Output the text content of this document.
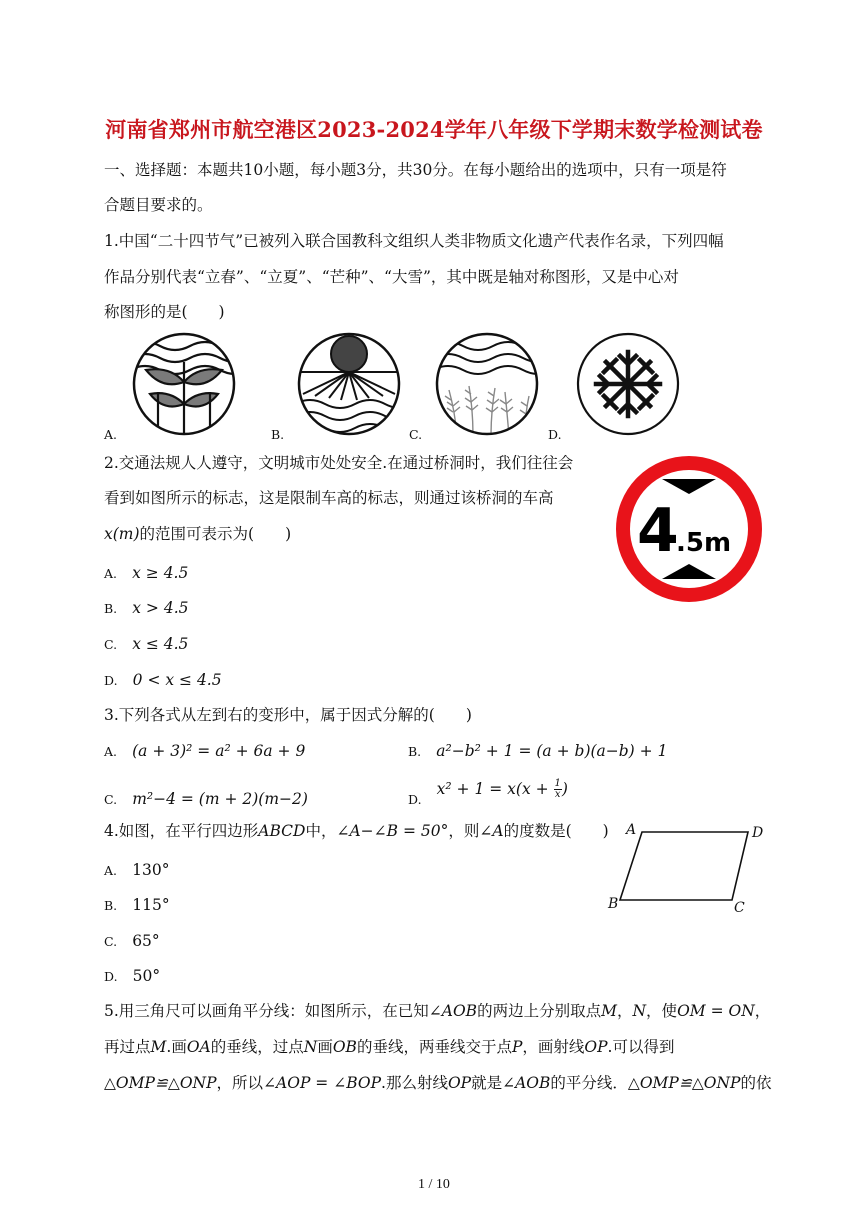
河南省郑州市航空港区2023-2024学年八年级下学期末数学检测试卷
一、选择题：本题共10小题，每小题3分，共30分。在每小题给出的选项中，只有一项是符
合题目要求的。
1.中国“二十四节气”已被列入联合国教科文组织人类非物质文化遗产代表作名录，下列四幅
作品分别代表“立春”、“立夏”、“芒种”、“大雪”，其中既是轴对称图形，又是中心对
称图形的是(　　)
A.	B.	C.	D.
2.交通法规人人遵守，文明城市处处安全.在通过桥洞时，我们往往会
看到如图所示的标志，这是限制车高的标志，则通过该桥洞的车高
x(m)的范围可表示为(　　)	4
.5m
A. x ≥ 4.5
B. x > 4.5
C. x ≤ 4.5
D. 0 < x ≤ 4.5
3.下列各式从左到右的变形中，属于因式分解的(　　)
A. (a + 3)² = a² + 6a + 9	B. a²−b² + 1 = (a + b)(a−b) + 1
C. m²−4 = (m + 2)(m−2)	$_{D.}$ $x^2 + 1 = x(x + \frac{1}{x}$ )
4.如图，在平行四边形ABCD中，∠A−∠B = 50°，则∠A的度数是(　　) A	D
B	C
A. 130°
B. 115°
C. 65°
D. 50°
5.用三角尺可以画角平分线：如图所示，在已知∠AOB的两边上分别取点M，N，使OM = ON，
再过点M.画OA的垂线，过点N画OB的垂线，两垂线交于点P，画射线OP.可以得到
△OMP≌△ONP，所以∠AOP = ∠BOP.那么射线OP就是∠AOB的平分线．△OMP≌△ONP的依
1 / 10
